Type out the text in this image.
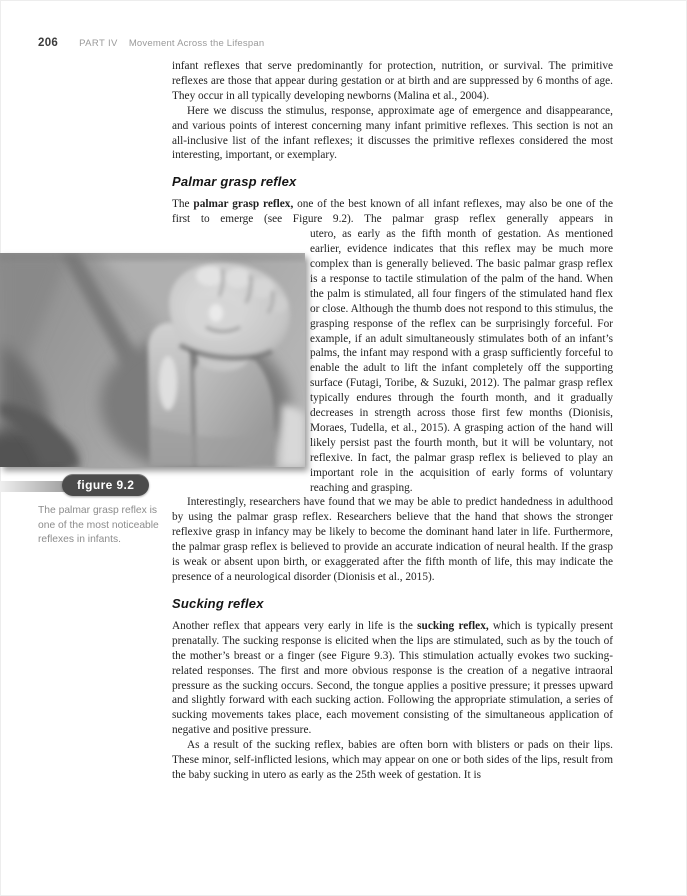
206 PART IV Movement Across the Lifespan

infant reflexes that serve predominantly for protection, nutrition, or survival. The primitive reflexes are those that appear during gestation or at birth and are suppressed by 6 months of age. They occur in all typically developing newborns (Malina et al., 2004).

Here we discuss the stimulus, response, approximate age of emergence and disappearance, and various points of interest concerning many infant primitive reflexes. This section is not an all-inclusive list of the infant reflexes; it discusses the primitive reflexes considered the most interesting, important, or exemplary.

Palmar grasp reflex

The palmar grasp reflex, one of the best known of all infant reflexes, may also be one of the first to emerge (see Figure 9.2). The palmar grasp reflex generally appears in

utero, as early as the fifth month of gestation. As mentioned earlier, evidence indicates that this reflex may be much more complex than is generally believed. The basic palmar grasp reflex is a response to tactile stimulation of the palm of the hand. When the palm is stimulated, all four fingers of the stimulated hand flex or close. Although the thumb does not respond to this stimulus, the grasping response of the reflex can be surprisingly forceful. For example, if an adult simultaneously stimulates both of an infant’s palms, the infant may respond with a grasp sufficiently forceful to enable the adult to lift the infant completely off the supporting surface (Futagi, Toribe, & Suzuki, 2012). The palmar grasp reflex typically endures through the fourth month, and it gradually decreases in strength across those first few months (Dionisis, Moraes, Tudella, et al., 2015). A grasping action of the hand will likely persist past the fourth month, but it will be voluntary, not reflexive. In fact, the palmar grasp reflex is believed to play an important role in the acquisition of early forms of voluntary reaching and grasping.

Interestingly, researchers have found that we may be able to predict handedness in adulthood by using the palmar grasp reflex. Researchers believe that the hand that shows the stronger reflexive grasp in infancy may be likely to become the dominant hand later in life. Furthermore, the palmar grasp reflex is believed to provide an accurate indication of neural health. If the grasp is weak or absent upon birth, or exaggerated after the fifth month of life, this may indicate the presence of a neurological disorder (Dionisis et al., 2015).

Sucking reflex

Another reflex that appears very early in life is the sucking reflex, which is typically present prenatally. The sucking response is elicited when the lips are stimulated, such as by the touch of the mother’s breast or a finger (see Figure 9.3). This stimulation actually evokes two sucking-related responses. The first and more obvious response is the creation of a negative intraoral pressure as the sucking occurs. Second, the tongue applies a positive pressure; it presses upward and slightly forward with each sucking action. Following the appropriate stimulation, a series of sucking movements takes place, each movement consisting of the simultaneous application of negative and positive pressure.

As a result of the sucking reflex, babies are often born with blisters or pads on their lips. These minor, self-inflicted lesions, which may appear on one or both sides of the lips, result from the baby sucking in utero as early as the 25th week of gestation. It is

figure 9.2
The palmar grasp reflex is one of the most noticeable reflexes in infants.
